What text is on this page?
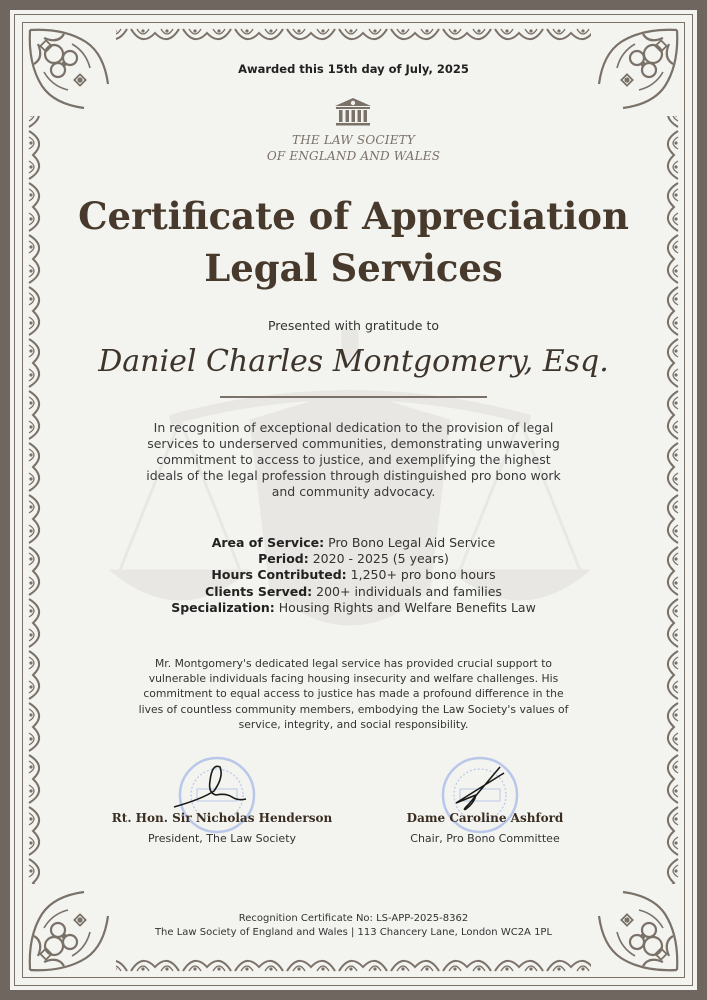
Awarded this 15th day of July, 2025
THE LAW SOCIETY
OF ENGLAND AND WALES
Certificate of Appreciation
Legal Services
Presented with gratitude to
Daniel Charles Montgomery, Esq.
In recognition of exceptional dedication to the provision of legal services to underserved communities, demonstrating unwavering commitment to access to justice, and exemplifying the highest ideals of the legal profession through distinguished pro bono work and community advocacy.
Area of Service: Pro Bono Legal Aid Service
Period: 2020 - 2025 (5 years)
Hours Contributed: 1,250+ pro bono hours
Clients Served: 200+ individuals and families
Specialization: Housing Rights and Welfare Benefits Law
Mr. Montgomery's dedicated legal service has provided crucial support to vulnerable individuals facing housing insecurity and welfare challenges. His commitment to equal access to justice has made a profound difference in the lives of countless community members, embodying the Law Society's values of service, integrity, and social responsibility.
Rt. Hon. Sir Nicholas Henderson
President, The Law Society
Dame Caroline Ashford
Chair, Pro Bono Committee
Recognition Certificate No: LS-APP-2025-8362
The Law Society of England and Wales | 113 Chancery Lane, London WC2A 1PL
